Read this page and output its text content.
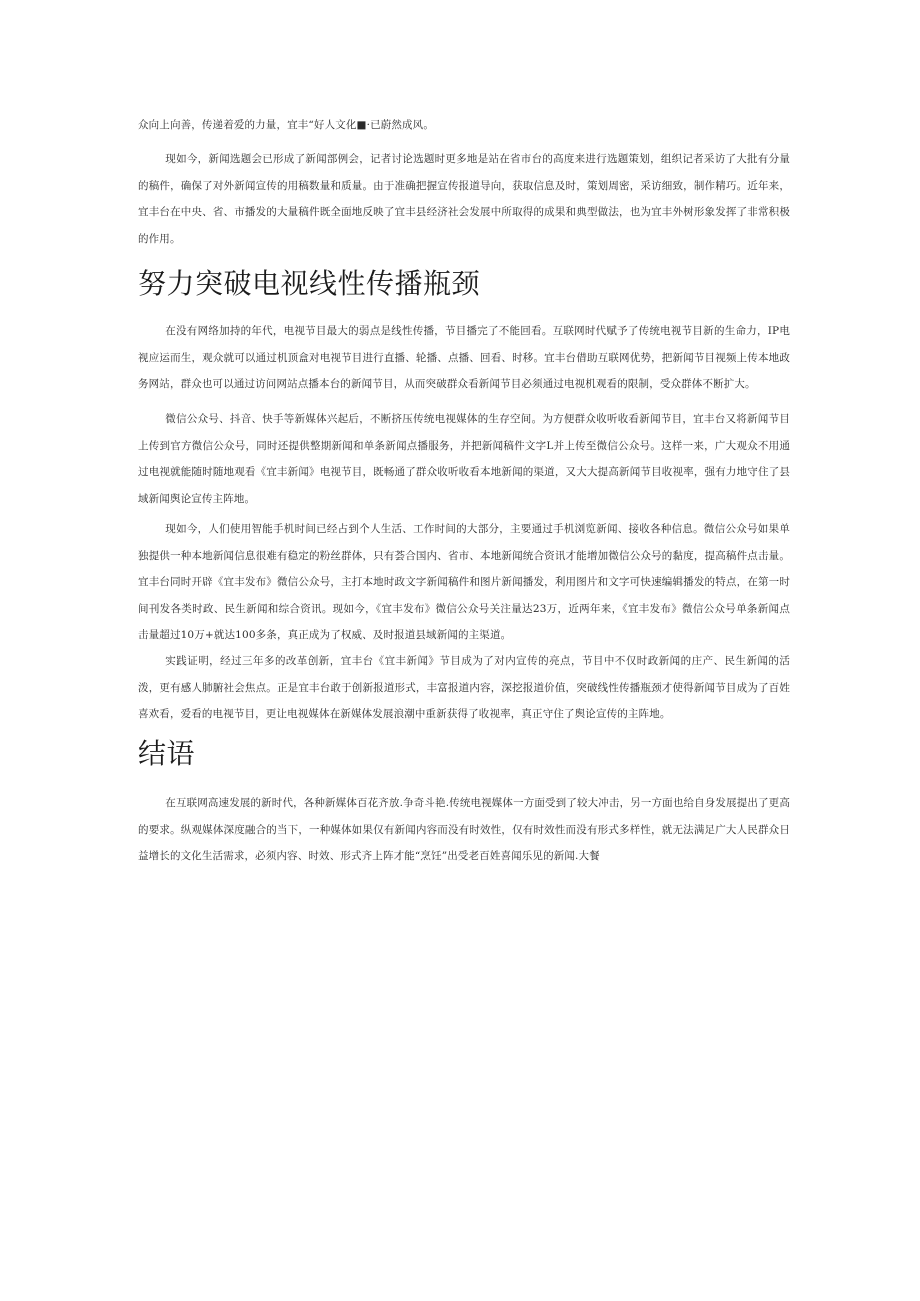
众向上向善，传递着爱的力量，宜丰“好人文化■·已蔚然成风。

现如今，新闻选题会已形成了新闻部例会，记者讨论选题时更多地是站在省市台的高度来进行选题策划，组织记者采访了大批有分量的稿件，确保了对外新闻宣传的用稿数量和质量。由于准确把握宣传报道导向，获取信息及时，策划周密，采访细致，制作精巧。近年来，宜丰台在中央、省、市播发的大量稿件既全面地反映了宜丰县经济社会发展中所取得的成果和典型做法，也为宜丰外树形象发挥了非常积极的作用。

努力突破电视线性传播瓶颈

在没有网络加持的年代，电视节目最大的弱点是线性传播，节目播完了不能回看。互联网时代赋予了传统电视节目新的生命力，IP电视应运而生，观众就可以通过机顶盒对电视节目进行直播、轮播、点播、回看、时移。宜丰台借助互联网优势，把新闻节目视频上传本地政务网站，群众也可以通过访问网站点播本台的新闻节目，从而突破群众看新闻节目必须通过电视机观看的限制，受众群体不断扩大。

微信公众号、抖音、快手等新媒体兴起后，不断挤压传统电视媒体的生存空间。为方便群众收听收看新闻节目，宜丰台又将新闻节目上传到官方微信公众号，同时还提供整期新闻和单条新闻点播服务，并把新闻稿件文字L并上传至微信公众号。这样一来，广大观众不用通过电视就能随时随地观看《宜丰新闻》电视节目，既畅通了群众收听收看本地新闻的渠道，又大大提高新闻节目收视率，强有力地守住了县域新闻舆论宣传主阵地。

现如今，人们使用智能手机时间已经占到个人生活、工作时间的大部分，主要通过手机浏览新闻、接收各种信息。微信公众号如果单独提供一种本地新闻信息很难有稳定的粉丝群体，只有荟合国内、省市、本地新闻统合资讯才能增加微信公众号的黏度，提高稿件点击量。宜丰台同时开辟《宜丰发布》微信公众号，主打本地时政文字新闻稿件和图片新闻播发，利用图片和文字可快速编辑播发的特点，在第一时间刊发各类时政、民生新闻和综合资讯。现如今，《宜丰发布》微信公众号关注量达23万，近两年来，《宜丰发布》微信公众号单条新闻点击量超过10万+就达100多条，真正成为了权威、及时报道县域新闻的主渠道。

实践证明，经过三年多的改革创新，宜丰台《宜丰新闻》节目成为了对内宣传的亮点，节目中不仅时政新闻的庄产、民生新闻的活泼，更有感人肺腑社会焦点。正是宜丰台敢于创新报道形式，丰富报道内容，深挖报道价值，突破线性传播瓶颈才使得新闻节目成为了百姓喜欢看，爱看的电视节目，更让电视媒体在新媒体发展浪潮中重新获得了收视率，真正守住了舆论宣传的主阵地。

结语

在互联网高速发展的新时代，各种新媒体百花齐放.争奇斗艳.传统电视媒体一方面受到了较大冲击，另一方面也给自身发展提出了更高的要求。纵观媒体深度融合的当下，一种媒体如果仅有新闻内容而没有时效性，仅有时效性而没有形式多样性，就无法满足广大人民群众日益增长的文化生活需求，必须内容、时效、形式齐上阵才能“烹饪”出受老百姓喜闻乐见的新闻.大餐
